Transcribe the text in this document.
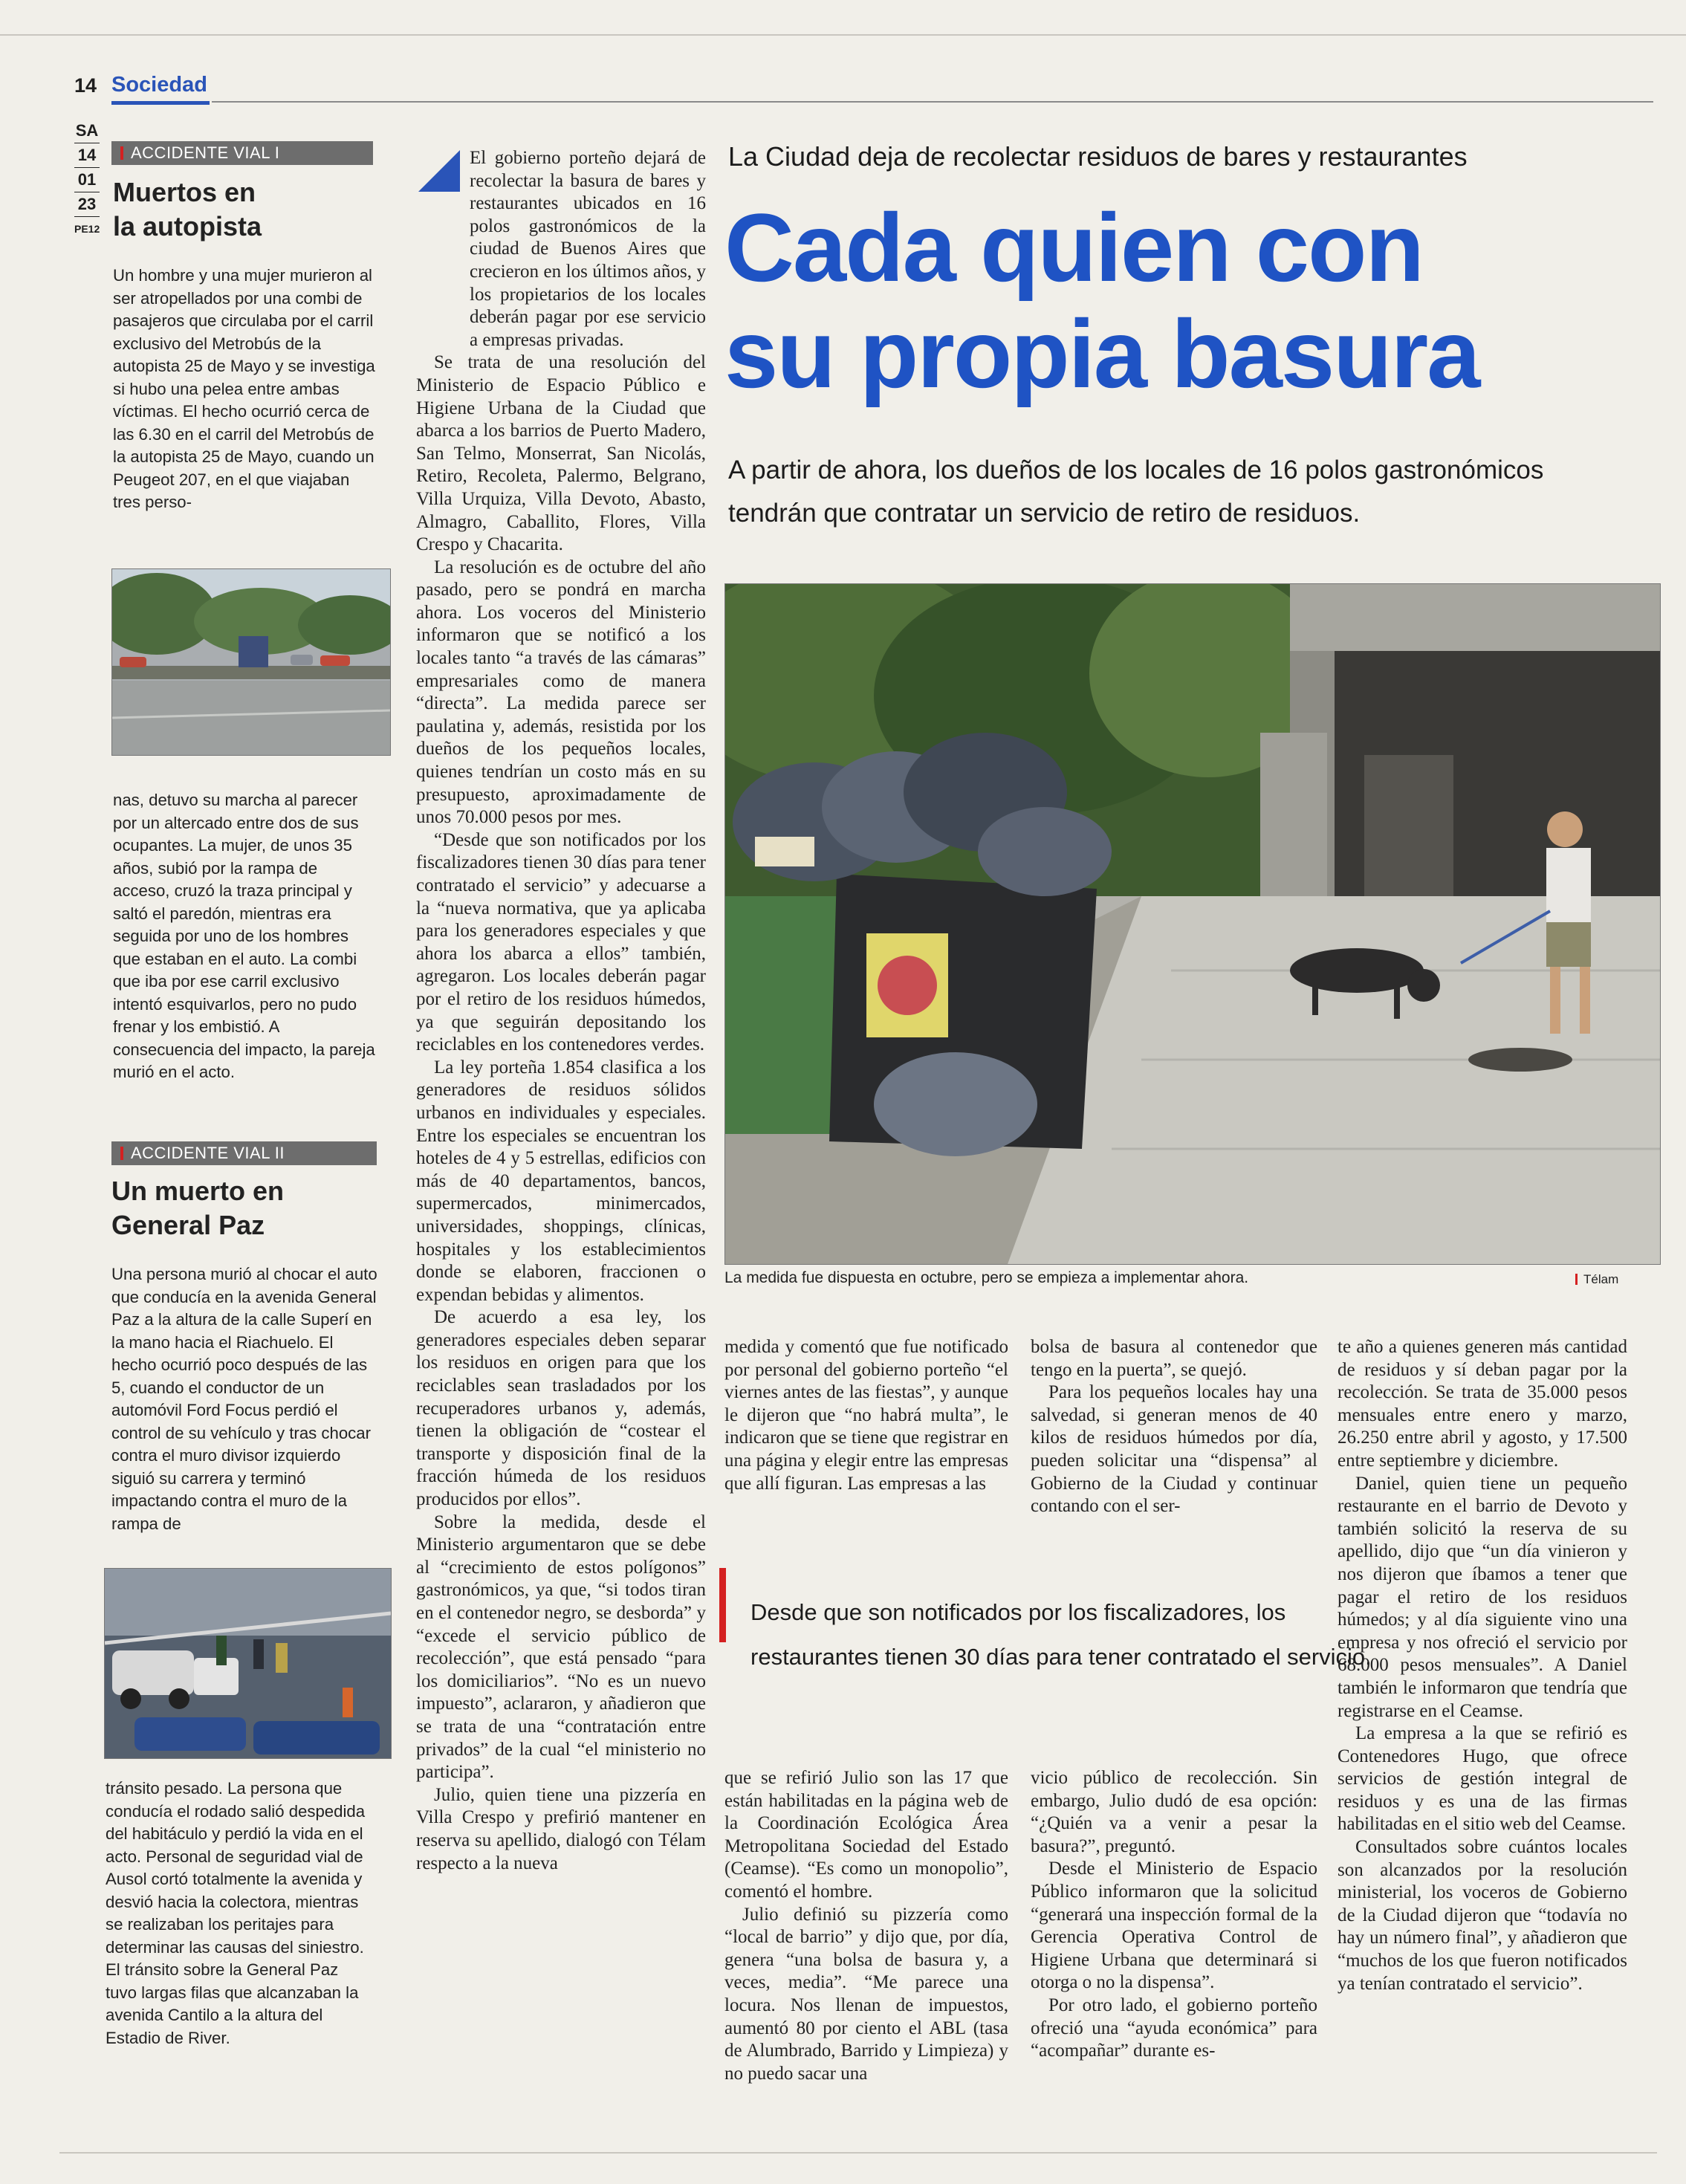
14 Sociedad
SA
14
01
23
PE12
ACCIDENTE VIAL I
Muertos en
la autopista

Un hombre y una mujer murieron al ser atropellados por una combi de pasajeros que circulaba por el carril exclusivo del Metrobús de la autopista 25 de Mayo y se investiga si hubo una pelea entre ambas víctimas. El hecho ocurrió cerca de las 6.30 en el carril del Metrobús de la autopista 25 de Mayo, cuando un Peugeot 207, en el que viajaban tres perso-

nas, detuvo su marcha al parecer por un altercado entre dos de sus ocupantes. La mujer, de unos 35 años, subió por la rampa de acceso, cruzó la traza principal y saltó el paredón, mientras era seguida por uno de los hombres que estaban en el auto. La combi que iba por ese carril exclusivo intentó esquivarlos, pero no pudo frenar y los embistió. A consecuencia del impacto, la pareja murió en el acto.

ACCIDENTE VIAL II
Un muerto en
General Paz

Una persona murió al chocar el auto que conducía en la avenida General Paz a la altura de la calle Superí en la mano hacia el Riachuelo. El hecho ocurrió poco después de las 5, cuando el conductor de un automóvil Ford Focus perdió el control de su vehículo y tras chocar contra el muro divisor izquierdo siguió su carrera y terminó impactando contra el muro de la rampa de

tránsito pesado. La persona que conducía el rodado salió despedida del habitáculo y perdió la vida en el acto. Personal de seguridad vial de Ausol cortó totalmente la avenida y desvió hacia la colectora, mientras se realizaban los peritajes para determinar las causas del siniestro. El tránsito sobre la General Paz tuvo largas filas que alcanzaban la avenida Cantilo a la altura del Estadio de River.

La Ciudad deja de recolectar residuos de bares y restaurantes
Cada quien con
su propia basura
A partir de ahora, los dueños de los locales de 16 polos gastronómicos tendrán que contratar un servicio de retiro de residuos.

El gobierno porteño dejará de recolectar la basura de bares y restaurantes ubicados en 16 polos gastronómicos de la ciudad de Buenos Aires que crecieron en los últimos años, y los propietarios de los locales deberán pagar por ese servicio a empresas privadas.

Se trata de una resolución del Ministerio de Espacio Público e Higiene Urbana de la Ciudad que abarca a los barrios de Puerto Madero, San Telmo, Monserrat, San Nicolás, Retiro, Recoleta, Palermo, Belgrano, Villa Urquiza, Villa Devoto, Abasto, Almagro, Caballito, Flores, Villa Crespo y Chacarita.

La resolución es de octubre del año pasado, pero se pondrá en marcha ahora. Los voceros del Ministerio informaron que se notificó a los locales tanto “a través de las cámaras” empresariales como de manera “directa”. La medida parece ser paulatina y, además, resistida por los dueños de los pequeños locales, quienes tendrían un costo más en su presupuesto, aproximadamente de unos 70.000 pesos por mes.

“Desde que son notificados por los fiscalizadores tienen 30 días para tener contratado el servicio” y adecuarse a la “nueva normativa, que ya aplicaba para los generadores especiales y que ahora los abarca a ellos” también, agregaron. Los locales deberán pagar por el retiro de los residuos húmedos, ya que seguirán depositando los reciclables en los contenedores verdes.

La ley porteña 1.854 clasifica a los generadores de residuos sólidos urbanos en individuales y especiales. Entre los especiales se encuentran los hoteles de 4 y 5 estrellas, edificios con más de 40 departamentos, bancos, supermercados, minimercados, universidades, shoppings, clínicas, hospitales y los establecimientos donde se elaboren, fraccionen o expendan bebidas y alimentos.

De acuerdo a esa ley, los generadores especiales deben separar los residuos en origen para que los reciclables sean trasladados por los recuperadores urbanos y, además, tienen la obligación de “costear el transporte y disposición final de la fracción húmeda de los residuos producidos por ellos”.

Sobre la medida, desde el Ministerio argumentaron que se debe al “crecimiento de estos polígonos” gastronómicos, ya que, “si todos tiran en el contenedor negro, se desborda” y “excede el servicio público de recolección”, que está pensado “para los domiciliarios”. “No es un nuevo impuesto”, aclararon, y añadieron que se trata de una “contratación entre privados” de la cual “el ministerio no participa”.

Julio, quien tiene una pizzería en Villa Crespo y prefirió mantener en reserva su apellido, dialogó con Télam respecto a la nueva

La medida fue dispuesta en octubre, pero se empieza a implementar ahora.	Télam

medida y comentó que fue notificado por personal del gobierno porteño “el viernes antes de las fiestas”, y aunque le dijeron que “no habrá multa”, le indicaron que se tiene que registrar en una página y elegir entre las empresas que allí figuran. Las empresas a las

bolsa de basura al contenedor que tengo en la puerta”, se quejó.

Para los pequeños locales hay una salvedad, si generan menos de 40 kilos de residuos húmedos por día, pueden solicitar una “dispensa” al Gobierno de la Ciudad y continuar contando con el ser-

Desde que son notificados por los fiscalizadores, los restaurantes tienen 30 días para tener contratado el servicio.

que se refirió Julio son las 17 que están habilitadas en la página web de la Coordinación Ecológica Área Metropolitana Sociedad del Estado (Ceamse). “Es como un monopolio”, comentó el hombre.

Julio definió su pizzería como “local de barrio” y dijo que, por día, genera “una bolsa de basura y, a veces, media”. “Me parece una locura. Nos llenan de impuestos, aumentó 80 por ciento el ABL (tasa de Alumbrado, Barrido y Limpieza) y no puedo sacar una

vicio público de recolección. Sin embargo, Julio dudó de esa opción: “¿Quién va a venir a pesar la basura?”, preguntó.

Desde el Ministerio de Espacio Público informaron que la solicitud “generará una inspección formal de la Gerencia Operativa Control de Higiene Urbana que determinará si otorga o no la dispensa”.

Por otro lado, el gobierno porteño ofreció una “ayuda económica” para “acompañar” durante es-

te año a quienes generen más cantidad de residuos y sí deban pagar por la recolección. Se trata de 35.000 pesos mensuales entre enero y marzo, 26.250 entre abril y agosto, y 17.500 entre septiembre y diciembre.

Daniel, quien tiene un pequeño restaurante en el barrio de Devoto y también solicitó la reserva de su apellido, dijo que “un día vinieron y nos dijeron que íbamos a tener que pagar el retiro de los residuos húmedos; y al día siguiente vino una empresa y nos ofreció el servicio por 68.000 pesos mensuales”. A Daniel también le informaron que tendría que registrarse en el Ceamse.

La empresa a la que se refirió es Contenedores Hugo, que ofrece servicios de gestión integral de residuos y es una de las firmas habilitadas en el sitio web del Ceamse.

Consultados sobre cuántos locales son alcanzados por la resolución ministerial, los voceros de Gobierno de la Ciudad dijeron que “todavía no hay un número final”, y añadieron que “muchos de los que fueron notificados ya tenían contratado el servicio”.
